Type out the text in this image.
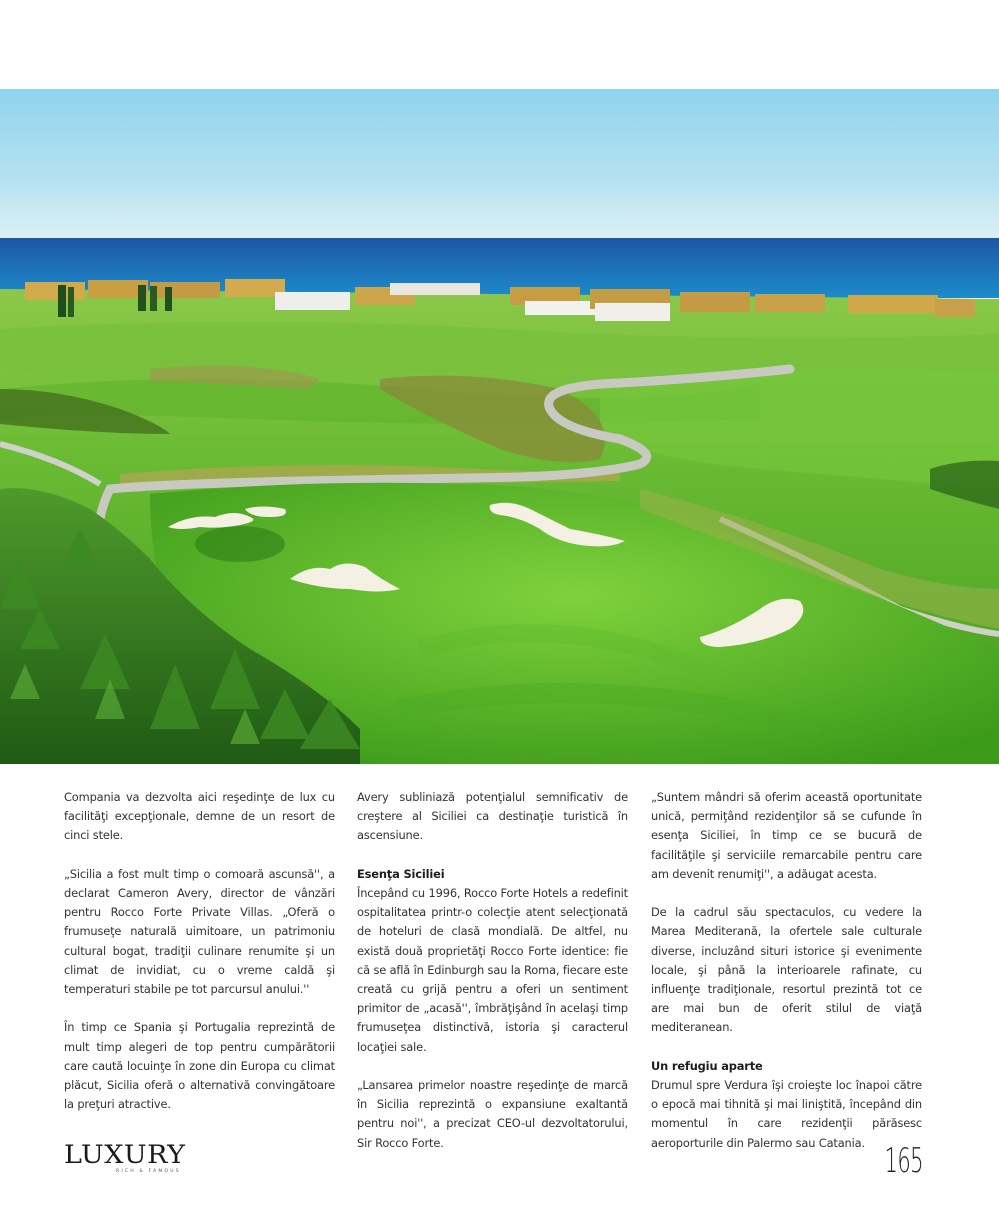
Compania va dezvolta aici reşedinţe de lux cu facilităţi excepţionale, demne de un resort de cinci stele.

„Sicilia a fost mult timp o comoară ascunsă'', a declarat Cameron Avery, director de vânzări pentru Rocco Forte Private Villas. „Oferă o frumuseţe naturală uimitoare, un patrimoniu cultural bogat, tradiţii culinare renumite şi un climat de invidiat, cu o vreme caldă şi temperaturi stabile pe tot parcursul anului.''

În timp ce Spania şi Portugalia reprezintă de mult timp alegeri de top pentru cumpărătorii care caută locuinţe în zone din Europa cu climat plăcut, Sicilia oferă o alternativă convingătoare la preţuri atractive.

Avery subliniază potenţialul semnificativ de creştere al Siciliei ca destinaţie turistică în ascensiune.

Esenţa Siciliei

Începând cu 1996, Rocco Forte Hotels a redefinit ospitalitatea printr-o colecţie atent selecţionată de hoteluri de clasă mondială. De altfel, nu există două proprietăţi Rocco Forte identice: fie că se află în Edinburgh sau la Roma, fiecare este creată cu grijă pentru a oferi un sentiment primitor de „acasă'', îmbrăţişând în acelaşi timp frumuseţea distinctivă, istoria şi caracterul locaţiei sale.

„Lansarea primelor noastre reşedinţe de marcă în Sicilia reprezintă o expansiune exaltantă pentru noi'', a precizat CEO-ul dezvoltatorului, Sir Rocco Forte.

„Suntem mândri să oferim această oportunitate unică, permiţând rezidenţilor să se cufunde în esenţa Siciliei, în timp ce se bucură de facilităţile şi serviciile remarcabile pentru care am devenit renumiţi'', a adăugat acesta.

De la cadrul său spectaculos, cu vedere la Marea Mediterană, la ofertele sale culturale diverse, incluzând situri istorice şi evenimente locale, şi până la interioarele rafinate, cu influenţe tradiţionale, resortul prezintă tot ce are mai bun de oferit stilul de viaţă mediteranean.

Un refugiu aparte

Drumul spre Verdura îşi croieşte loc înapoi către o epocă mai tihnită şi mai liniştită, începând din momentul în care rezidenţii părăsesc aeroporturile din Palermo sau Catania.

LUXURY
RICH & FAMOUS	165
